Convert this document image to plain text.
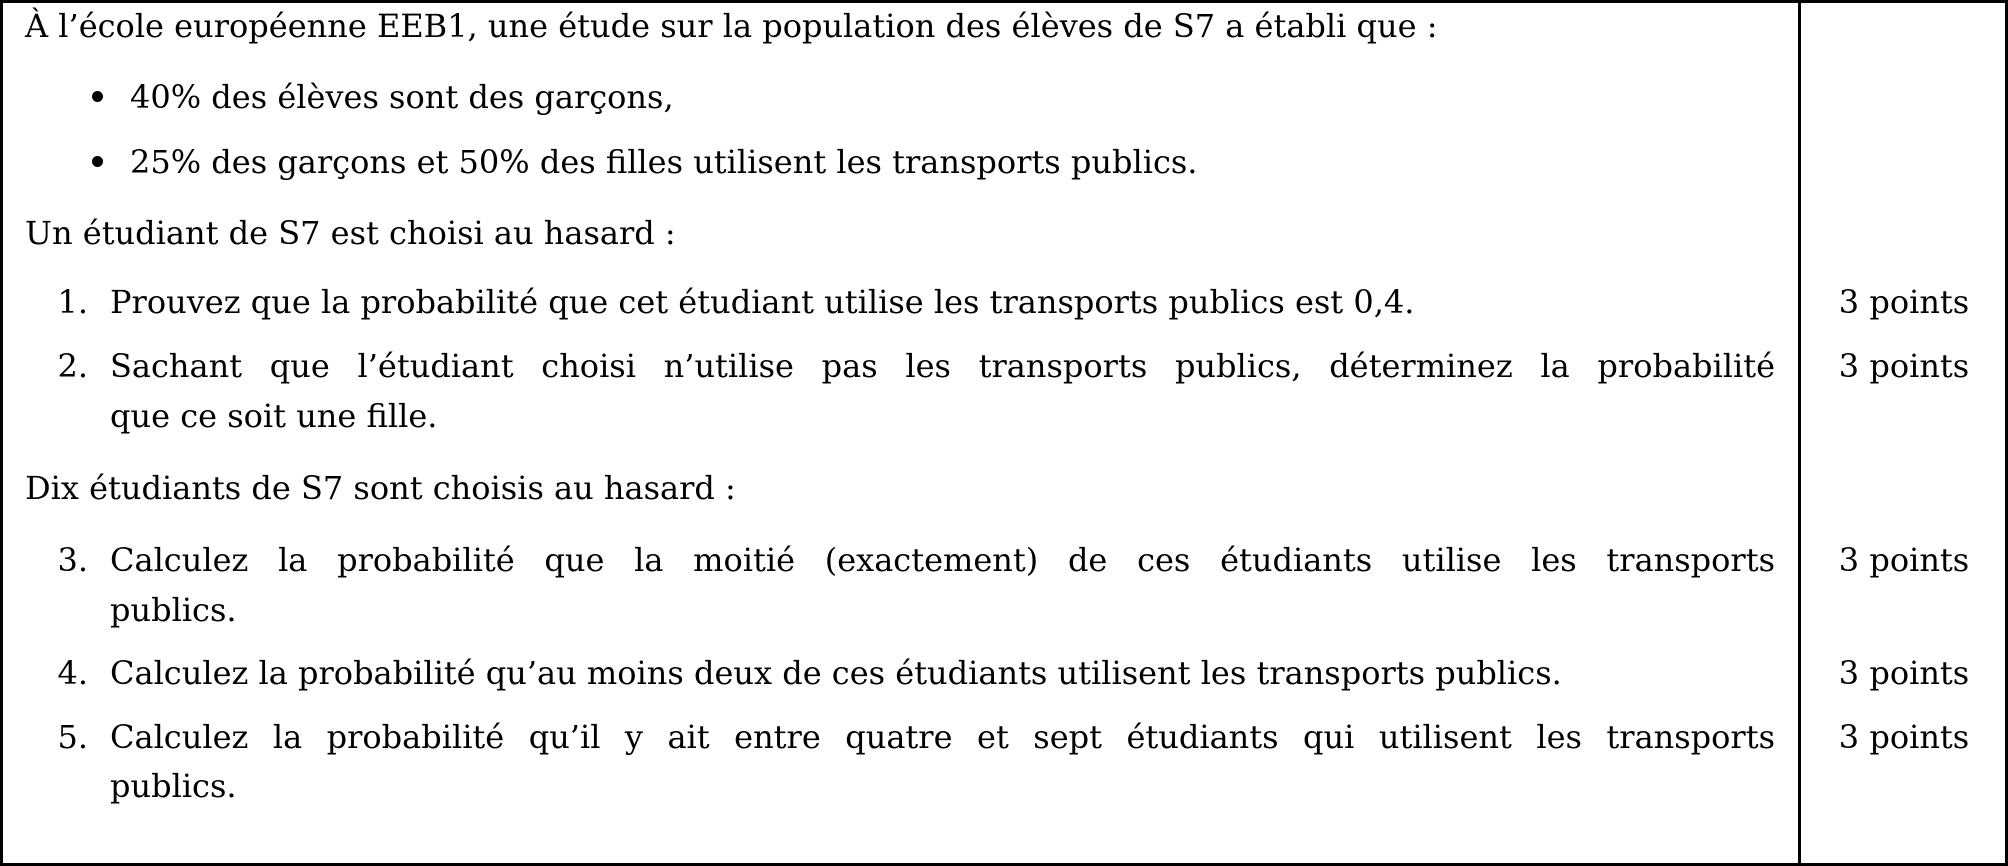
À l’école européenne EEB1, une étude sur la population des élèves de S7 a établi que :
40% des élèves sont des garçons,
25% des garçons et 50% des filles utilisent les transports publics.
Un étudiant de S7 est choisi au hasard :
1. Prouvez que la probabilité que cet étudiant utilise les transports publics est 0,4.	3 points
2. Sachant que l’étudiant choisi n’utilise pas les transports publics, déterminez la probabilité
que ce soit une fille.
3 points
Dix étudiants de S7 sont choisis au hasard :
3. Calculez la probabilité que la moitié (exactement) de ces étudiants utilise les transports
publics.
3 points
4. Calculez la probabilité qu’au moins deux de ces étudiants utilisent les transports publics.	3 points
5. Calculez la probabilité qu’il y ait entre quatre et sept étudiants qui utilisent les transports
publics.
3 points
